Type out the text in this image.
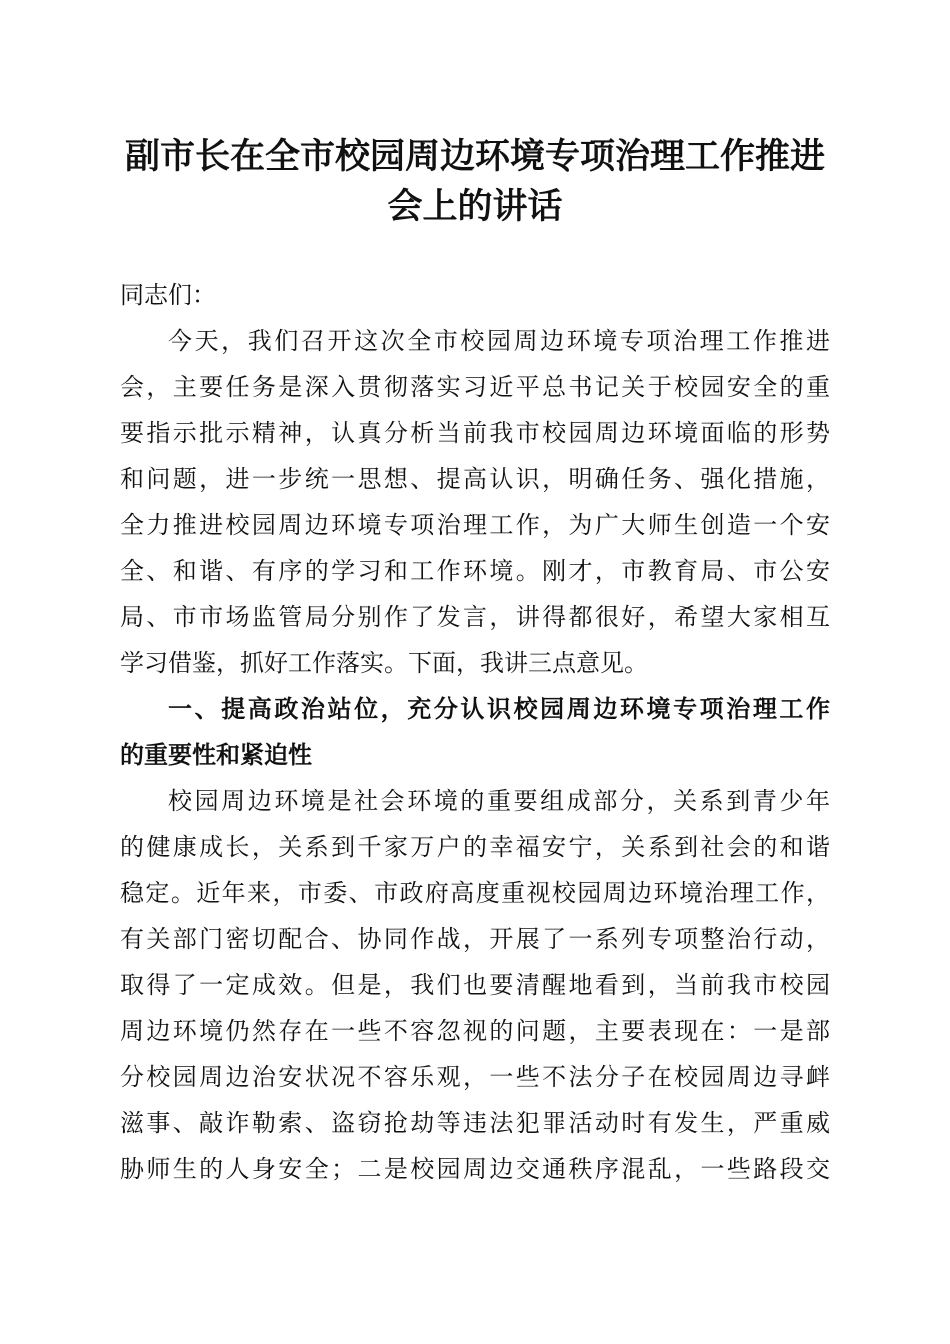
副市长在全市校园周边环境专项治理工作推进
会上的讲话
同志们：
今天，我们召开这次全市校园周边环境专项治理工作推进
会，主要任务是深入贯彻落实习近平总书记关于校园安全的重
要指示批示精神，认真分析当前我市校园周边环境面临的形势
和问题，进一步统一思想、提高认识，明确任务、强化措施，
全力推进校园周边环境专项治理工作，为广大师生创造一个安
全、和谐、有序的学习和工作环境。刚才，市教育局、市公安
局、市市场监管局分别作了发言，讲得都很好，希望大家相互
学习借鉴，抓好工作落实。下面，我讲三点意见。
一、提高政治站位，充分认识校园周边环境专项治理工作
的重要性和紧迫性
校园周边环境是社会环境的重要组成部分，关系到青少年
的健康成长，关系到千家万户的幸福安宁，关系到社会的和谐
稳定。近年来，市委、市政府高度重视校园周边环境治理工作，
有关部门密切配合、协同作战，开展了一系列专项整治行动，
取得了一定成效。但是，我们也要清醒地看到，当前我市校园
周边环境仍然存在一些不容忽视的问题，主要表现在：一是部
分校园周边治安状况不容乐观，一些不法分子在校园周边寻衅
滋事、敲诈勒索、盗窃抢劫等违法犯罪活动时有发生，严重威
胁师生的人身安全；二是校园周边交通秩序混乱，一些路段交
